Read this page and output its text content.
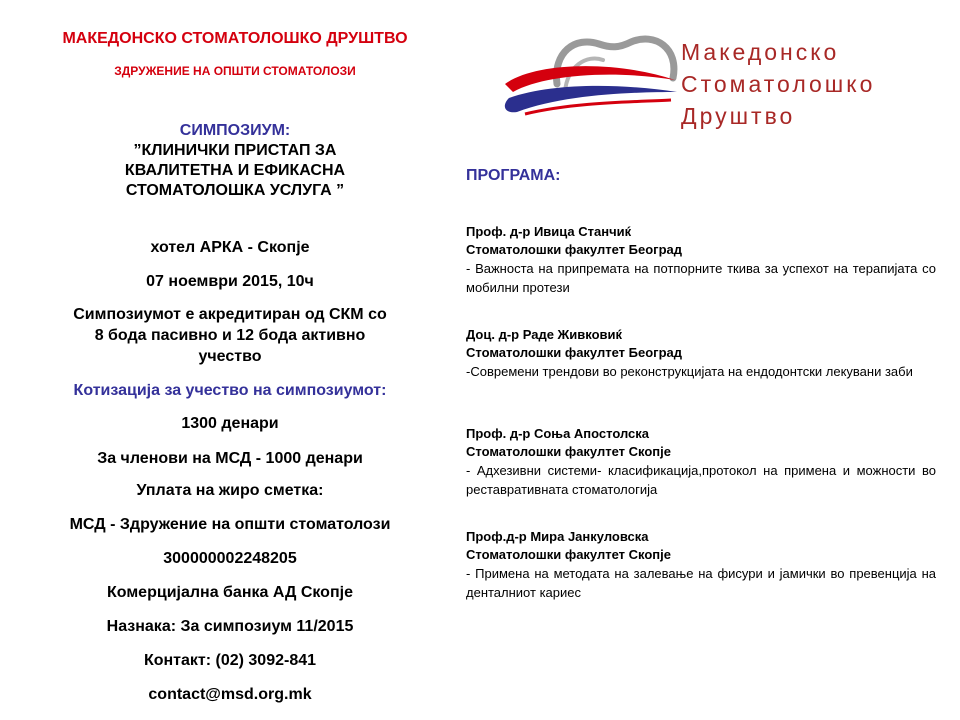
МАКЕДОНСКО СТОМАТОЛОШКО ДРУШТВО
ЗДРУЖЕНИЕ НА ОПШТИ СТОМАТОЛОЗИ
СИМПОЗИУМ:
”КЛИНИЧКИ ПРИСТАП ЗА
КВАЛИТЕТНА И ЕФИКАСНА
СТОМАТОЛОШКА УСЛУГА ”
хотел АРКА - Скопје
07 ноември 2015, 10ч
Симпозиумот е акредитиран од СКМ со
8 бода пасивно и 12 бода активно
учество
Котизација за учество на симпозиумот:
1300 денари
За членови на МСД - 1000 денари
Уплата на жиро сметка:
МСД - Здружение на општи стоматолози
300000002248205
Комерцијална банка АД Скопје
Назнака: За симпозиум 11/2015
Контакт: (02) 3092-841
contact@msd.org.mk
Македонско
Стоматолошко
Друштво
ПРОГРАМА:
Проф. д-р Ивица Станчиќ
Стоматолошки факултет Београд
- Важноста на припремата на потпорните ткива за успехот на терапијата со мобилни протези
Доц. д-р Раде Живковиќ
Стоматолошки факултет Београд
-Современи трендови во реконструкцијата на ендодонтски лекувани заби
Проф. д-р Соња Апостолска
Стоматолошки факултет Скопје
- Адхезивни системи- класификација,протокол на примена и можности во реставративната стоматологија
Проф.д-р Мира Јанкуловска
Стоматолошки факултет Скопје
- Примена на методата на залевање на фисури и јамички во превенција на денталниот кариес
